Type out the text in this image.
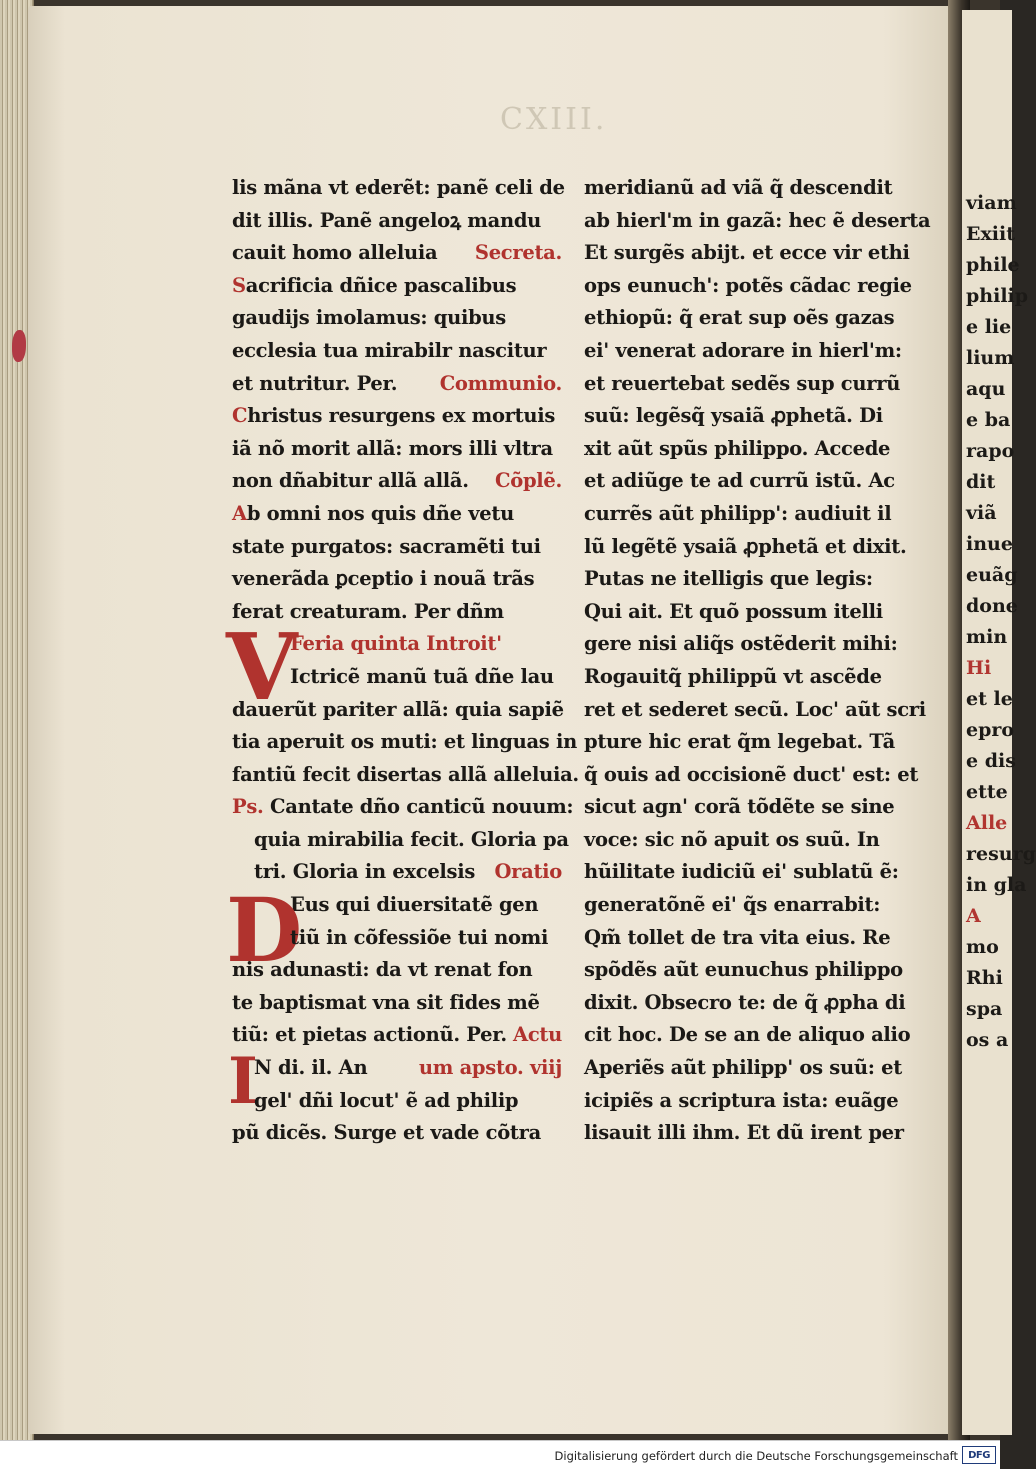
CXIII.
lis mãna vt ederẽt: panẽ celi de
dit illis. Panẽ angeloꝝ mandu
Secreta.
cauit homo alleluia
Sacrificia dñice pascalibus
gaudijs imolamus: quibus
ecclesia tua mirabilr nascitur
Communio.
et nutritur. Per.
Christus resurgens ex mortuis
iã nõ morit allã: mors illi vltra
Cõplẽ.
non dñabitur allã allã.
Ab omni nos quis dñe vetu
state purgatos: sacramẽti tui
venerãda ꝑceptio i nouã trãs
ferat creaturam. Per dñm
V
Feria quinta Introit'
Ictricẽ manũ tuã dñe lau
dauerũt pariter allã: quia sapiẽ
tia aperuit os muti: et linguas in
fantiũ fecit disertas allã alleluia.
Ps. Cantate dño canticũ nouum:
quia mirabilia fecit. Gloria pa
Oratio
tri. Gloria in excelsis
D
Eus qui diuersitatẽ gen
tiũ in cõfessiõe tui nomi
nis adunasti: da vt renat fon
te baptismat vna sit fides mẽ
Actu
tiũ: et pietas actionũ. Per.
um apsto. viij
I
N di. il. An
gel' dñi locut' ẽ ad philip
pũ dicẽs. Surge et vade cõtra
meridianũ ad viã q̃ descendit
ab hierl'm in gazã: hec ẽ deserta
Et surgẽs abijt. et ecce vir ethi
ops eunuch': potẽs cãdac regie
ethiopũ: q̃ erat sup oẽs gazas
ei' venerat adorare in hierl'm:
et reuertebat sedẽs sup currũ
suũ: legẽsq̃ ysaiã ꝓphetã. Di
xit aũt spũs philippo. Accede
et adiũge te ad currũ istũ. Ac
currẽs aũt philipp': audiuit il
lũ legẽtẽ ysaiã ꝓphetã et dixit.
Putas ne itelligis que legis:
Qui ait. Et quõ possum itelli
gere nisi aliq̃s ostẽderit mihi:
Rogauitq̃ philippũ vt ascẽde
ret et sederet secũ. Loc' aũt scri
pture hic erat q̃m legebat. Tã
q̃ ouis ad occisionẽ duct' est: et
sicut agn' corã tõdẽte se sine
voce: sic nõ apuit os suũ. In
hũilitate iudiciũ ei' sublatũ ẽ:
generatõnẽ ei' q̃s enarrabit:
Qm̃ tollet de tra vita eius. Re
spõdẽs aũt eunuchus philippo
dixit. Obsecro te: de q̃ ꝓpha di
cit hoc. De se an de aliquo alio
Aperiẽs aũt philipp' os suũ: et
icipiẽs a scriptura ista: euãge
lisauit illi ihm. Et dũ irent per
viam
Exiit
phile
philip
e lie
lium
aqu
e ba
rapo
dit
viã
inue
euãg
done
min
Hi
et le
epro
e dis
ette
Alle
resurg
in gla
A
mo
Rhi
spa
os a
Digitalisierung gefördert durch die Deutsche Forschungsgemeinschaft	DFG
